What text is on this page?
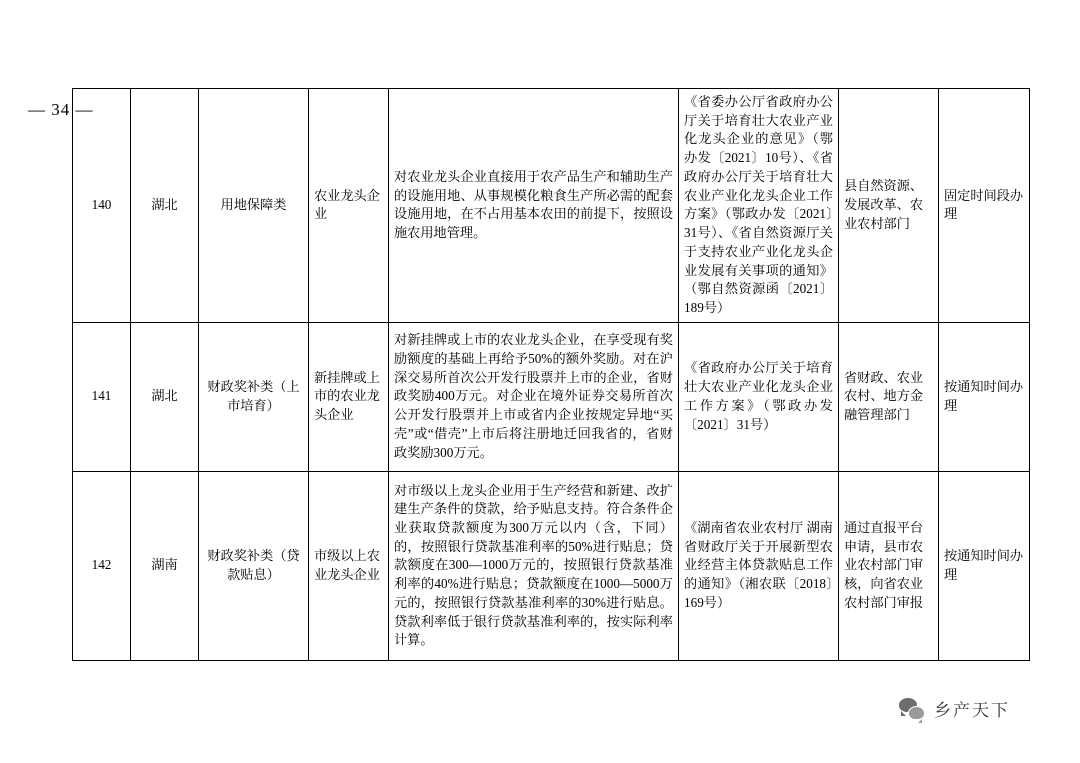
— 34 —
140	湖北	用地保障类	农业龙头企业	对农业龙头企业直接用于农产品生产和辅助生产的设施用地、从事规模化粮食生产所必需的配套设施用地，在不占用基本农田的前提下，按照设施农用地管理。	《省委办公厅省政府办公厅关于培育壮大农业产业化龙头企业的意见》（鄂办发〔2021〕10号）、《省政府办公厅关于培育壮大农业产业化龙头企业工作方案》（鄂政办发〔2021〕31号）、《省自然资源厅关于支持农业产业化龙头企业发展有关事项的通知》（鄂自然资源函〔2021〕189号）	县自然资源、发展改革、农业农村部门	固定时间段办理
141	湖北	财政奖补类（上市培育）	新挂牌或上市的农业龙头企业	对新挂牌或上市的农业龙头企业，在享受现有奖励额度的基础上再给予50%的额外奖励。对在沪深交易所首次公开发行股票并上市的企业，省财政奖励400万元。对企业在境外证券交易所首次公开发行股票并上市或省内企业按规定异地“买壳”或“借壳”上市后将注册地迁回我省的，省财政奖励300万元。	《省政府办公厅关于培育壮大农业产业化龙头企业工作方案》（鄂政办发〔2021〕31号）	省财政、农业农村、地方金融管理部门	按通知时间办理
142	湖南	财政奖补类（贷款贴息）	市级以上农业龙头企业	对市级以上龙头企业用于生产经营和新建、改扩建生产条件的贷款，给予贴息支持。符合条件企业获取贷款额度为300万元以内（含，下同）的，按照银行贷款基准利率的50%进行贴息；贷款额度在300—1000万元的，按照银行贷款基准利率的40%进行贴息；贷款额度在1000—5000万元的，按照银行贷款基准利率的30%进行贴息。贷款利率低于银行贷款基准利率的，按实际利率计算。	《湖南省农业农村厅 湖南省财政厅关于开展新型农业经营主体贷款贴息工作的通知》（湘农联〔2018〕169号）	通过直报平台申请，县市农业农村部门审核，向省农业农村部门审报	按通知时间办理
乡产天下
